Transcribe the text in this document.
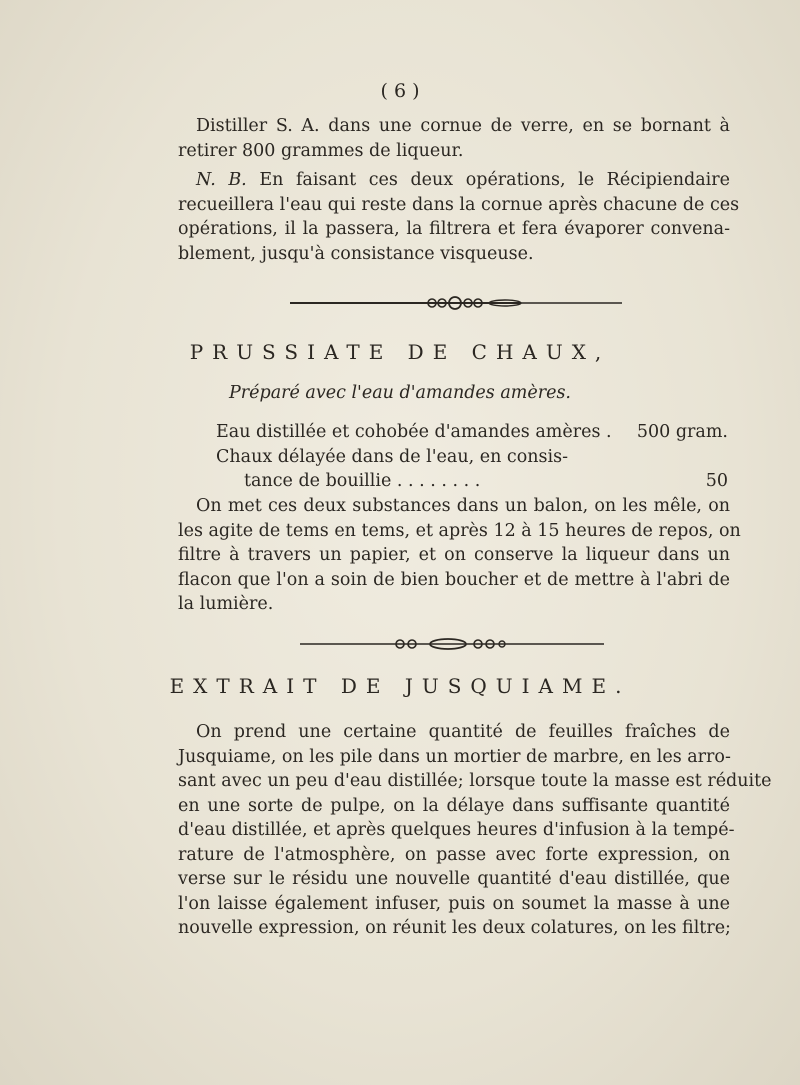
( 6 )
Distiller S. A. dans une cornue de verre, en se bornant à
retirer 800 grammes de liqueur.
N. B. En faisant ces deux opérations, le Récipiendaire
recueillera l'eau qui reste dans la cornue après chacune de ces
opérations, il la passera, la filtrera et fera évaporer convena-
blement, jusqu'à consistance visqueuse.
PRUSSIATE DE CHAUX,
Préparé avec l'eau d'amandes amères.
Eau distillée et cohobée d'amandes amères . 500 gram.
Chaux délayée dans de l'eau, en consis-
tance de bouillie . . . . . . . .	50
On met ces deux substances dans un balon, on les mêle, on
les agite de tems en tems, et après 12 à 15 heures de repos, on
filtre à travers un papier, et on conserve la liqueur dans un
flacon que l'on a soin de bien boucher et de mettre à l'abri de
la lumière.
EXTRAIT DE JUSQUIAME.
On prend une certaine quantité de feuilles fraîches de
Jusquiame, on les pile dans un mortier de marbre, en les arro-
sant avec un peu d'eau distillée; lorsque toute la masse est réduite
en une sorte de pulpe, on la délaye dans suffisante quantité
d'eau distillée, et après quelques heures d'infusion à la tempé-
rature de l'atmosphère, on passe avec forte expression, on
verse sur le résidu une nouvelle quantité d'eau distillée, que
l'on laisse également infuser, puis on soumet la masse à une
nouvelle expression, on réunit les deux colatures, on les filtre;
